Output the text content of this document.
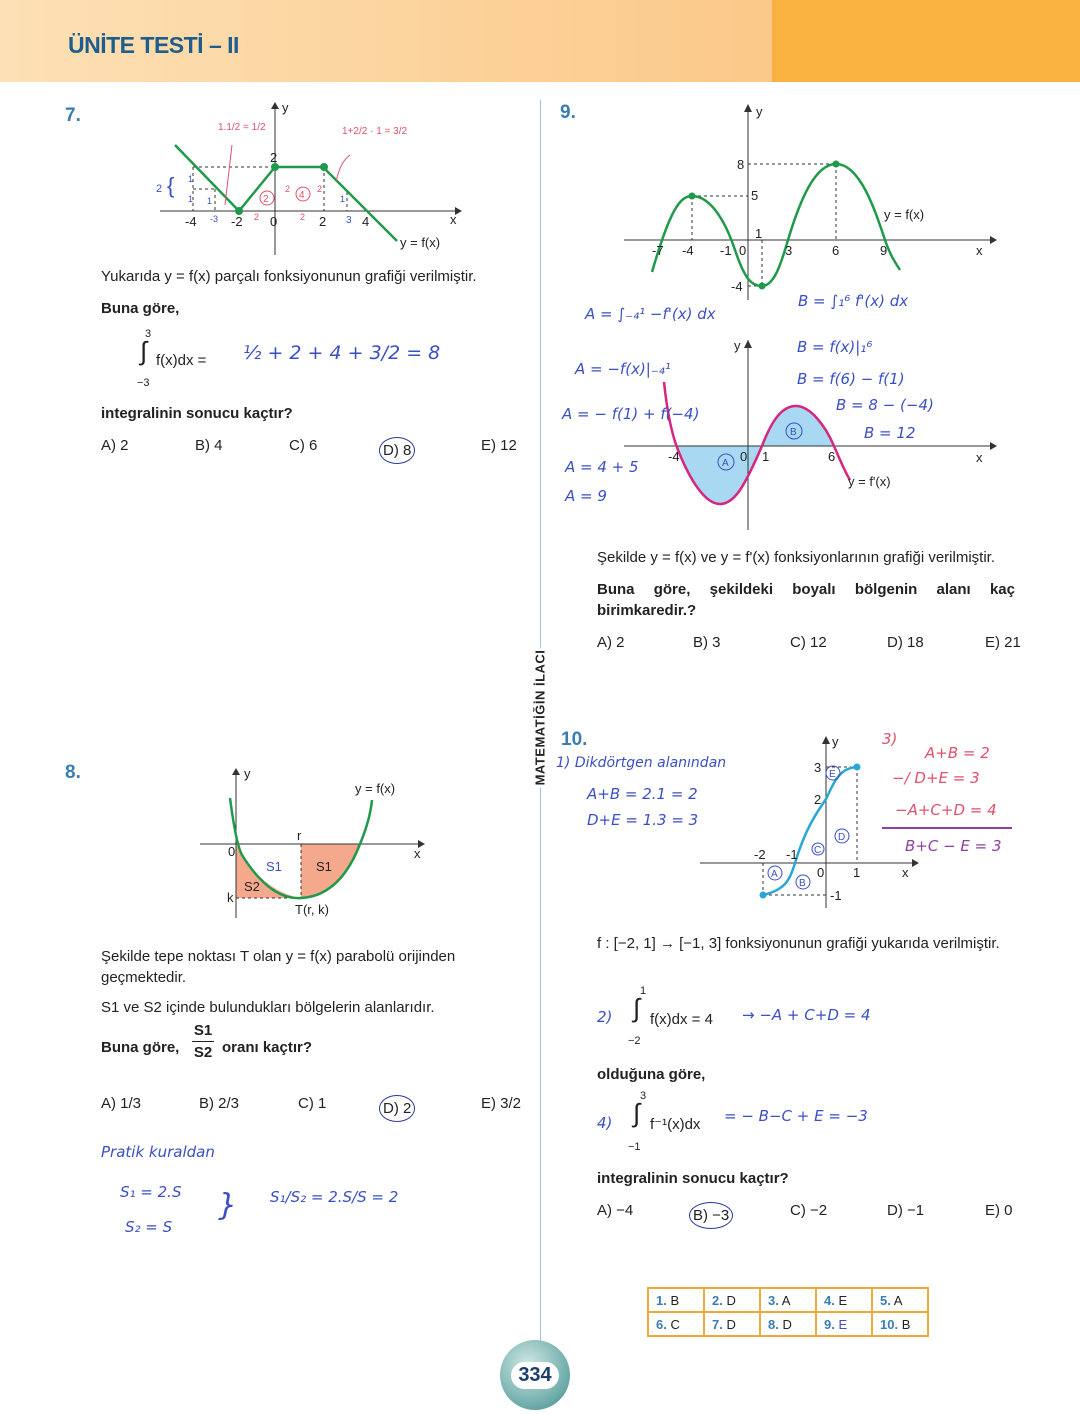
ÜNİTE TESTİ – II
MATEMATİĞİN İLACI
7.	y
x
-4	-2 0	2	4
2
y = f(x)
1.1/2 = 1/2	1+2/2 · 1 = 3/2
2 { 1
1 1	1
-3	3
2	2
2	2
2	4
Yukarıda y = f(x) parçalı fonksiyonunun grafiği verilmiştir.
Buna göre,
3
∫ f(x)dx =
−3
½ + 2 + 4 + 3/2 = 8
integralinin sonucu kaçtır?
A) 2	B) 4	C) 6	D) 8	E) 12
8.	y
x
y = f(x)
0
r
k
T(r, k)
S1	S1
S2
Şekilde tepe noktası T olan y = f(x) parabolü orijinden geçmektedir.
S1 ve S2 içinde bulundukları bölgelerin alanlarıdır.
Buna göre,
S1
S2 oranı kaçtır?
A) 1/3	B) 2/3	C) 1	D) 2	E) 3/2
Pratik kuraldan
S₁ = 2.S
S₂ = S
} S₁/S₂ = 2.S/S = 2
9.	y
x
y = f(x)
-7 -4 -1 0
1
3	6	9
8
5
-4
y
x
y = f'(x)
-4	0 1	6
A
B
A = ∫₋₄¹ −f'(x) dx
A = −f(x)|₋₄¹
A = − f(1) + f(−4)
A = 4 + 5
A = 9
B = ∫₁⁶ f'(x) dx
B = f(x)|₁⁶
B = f(6) − f(1)
B = 8 − (−4)
B = 12
Şekilde y = f(x) ve y = f'(x) fonksiyonlarının grafiği verilmiştir.
Buna göre, şekildeki boyalı bölgenin alanı kaç birimkaredir.?
A) 2	B) 3	C) 12	D) 18	E) 21
10.	y
x
-2 -1
0 1
3
2
-1
A
B
C
D
E
1) Dikdörtgen alanından
A+B = 2.1 = 2
D+E = 1.3 = 3
3)
A+B = 2
−/ D+E = 3
−A+C+D = 4
B+C − E = 3
f : [−2, 1] → [−1, 3] fonksiyonunun grafiği yukarıda verilmiştir.
2)
1
∫ f(x)dx = 4
−2
→ −A + C+D = 4
olduğuna göre,
4)
3
∫ f⁻¹(x)dx
−1
= − B−C + E = −3
integralinin sonucu kaçtır?
A) −4	B) −3	C) −2	D) −1	E) 0
1. B	2. D	3. A	4. E	5. A
6. C	7. D	8. D	9. E	10. B
334
